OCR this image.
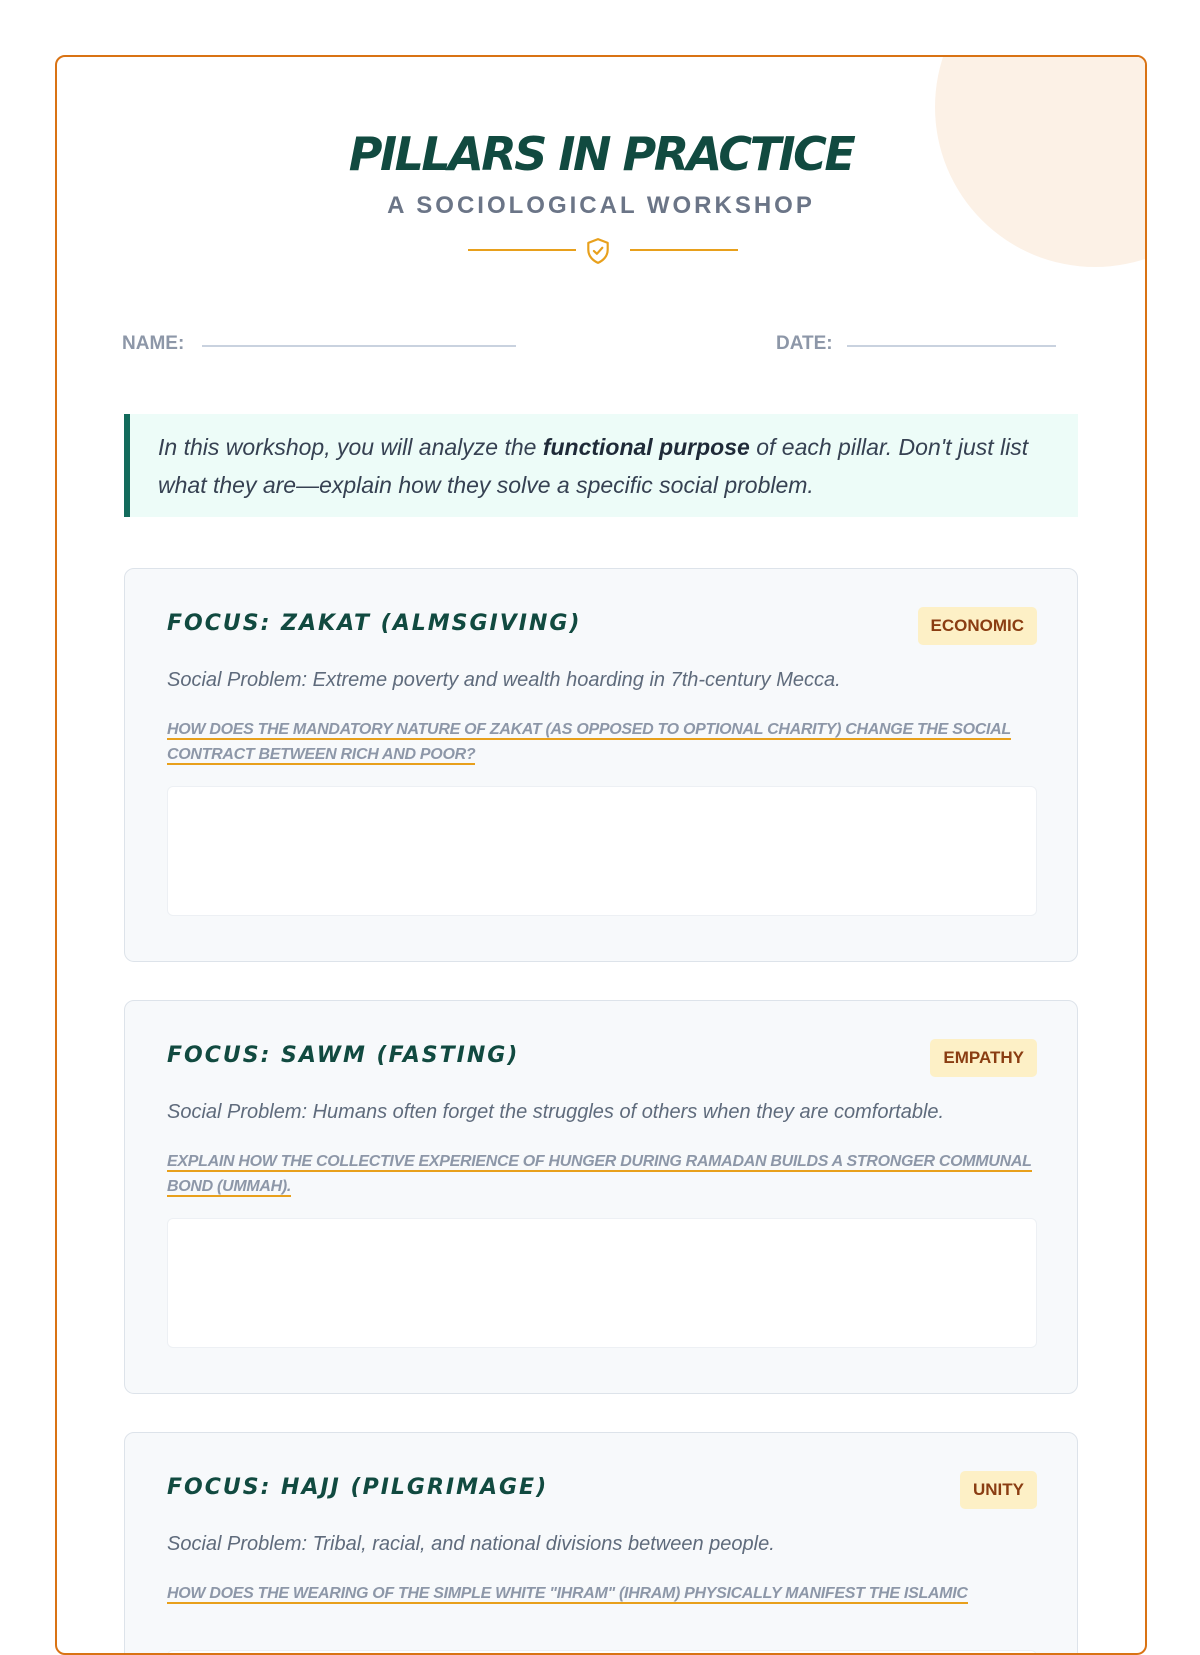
PILLARS IN PRACTICE
A SOCIOLOGICAL WORKSHOP
NAME:	DATE:
In this workshop, you will analyze the functional purpose of each pillar. Don't just list what they are—explain how they solve a specific social problem.
FOCUS: ZAKAT (ALMSGIVING)	ECONOMIC
Social Problem: Extreme poverty and wealth hoarding in 7th-century Mecca.
HOW DOES THE MANDATORY NATURE OF ZAKAT (AS OPPOSED TO OPTIONAL CHARITY) CHANGE THE SOCIAL CONTRACT BETWEEN RICH AND POOR?
FOCUS: SAWM (FASTING)	EMPATHY
Social Problem: Humans often forget the struggles of others when they are comfortable.
EXPLAIN HOW THE COLLECTIVE EXPERIENCE OF HUNGER DURING RAMADAN BUILDS A STRONGER COMMUNAL BOND (UMMAH).
FOCUS: HAJJ (PILGRIMAGE)	UNITY
Social Problem: Tribal, racial, and national divisions between people.
HOW DOES THE WEARING OF THE SIMPLE WHITE "IHRAM" (IHRAM) PHYSICALLY MANIFEST THE ISLAMIC
